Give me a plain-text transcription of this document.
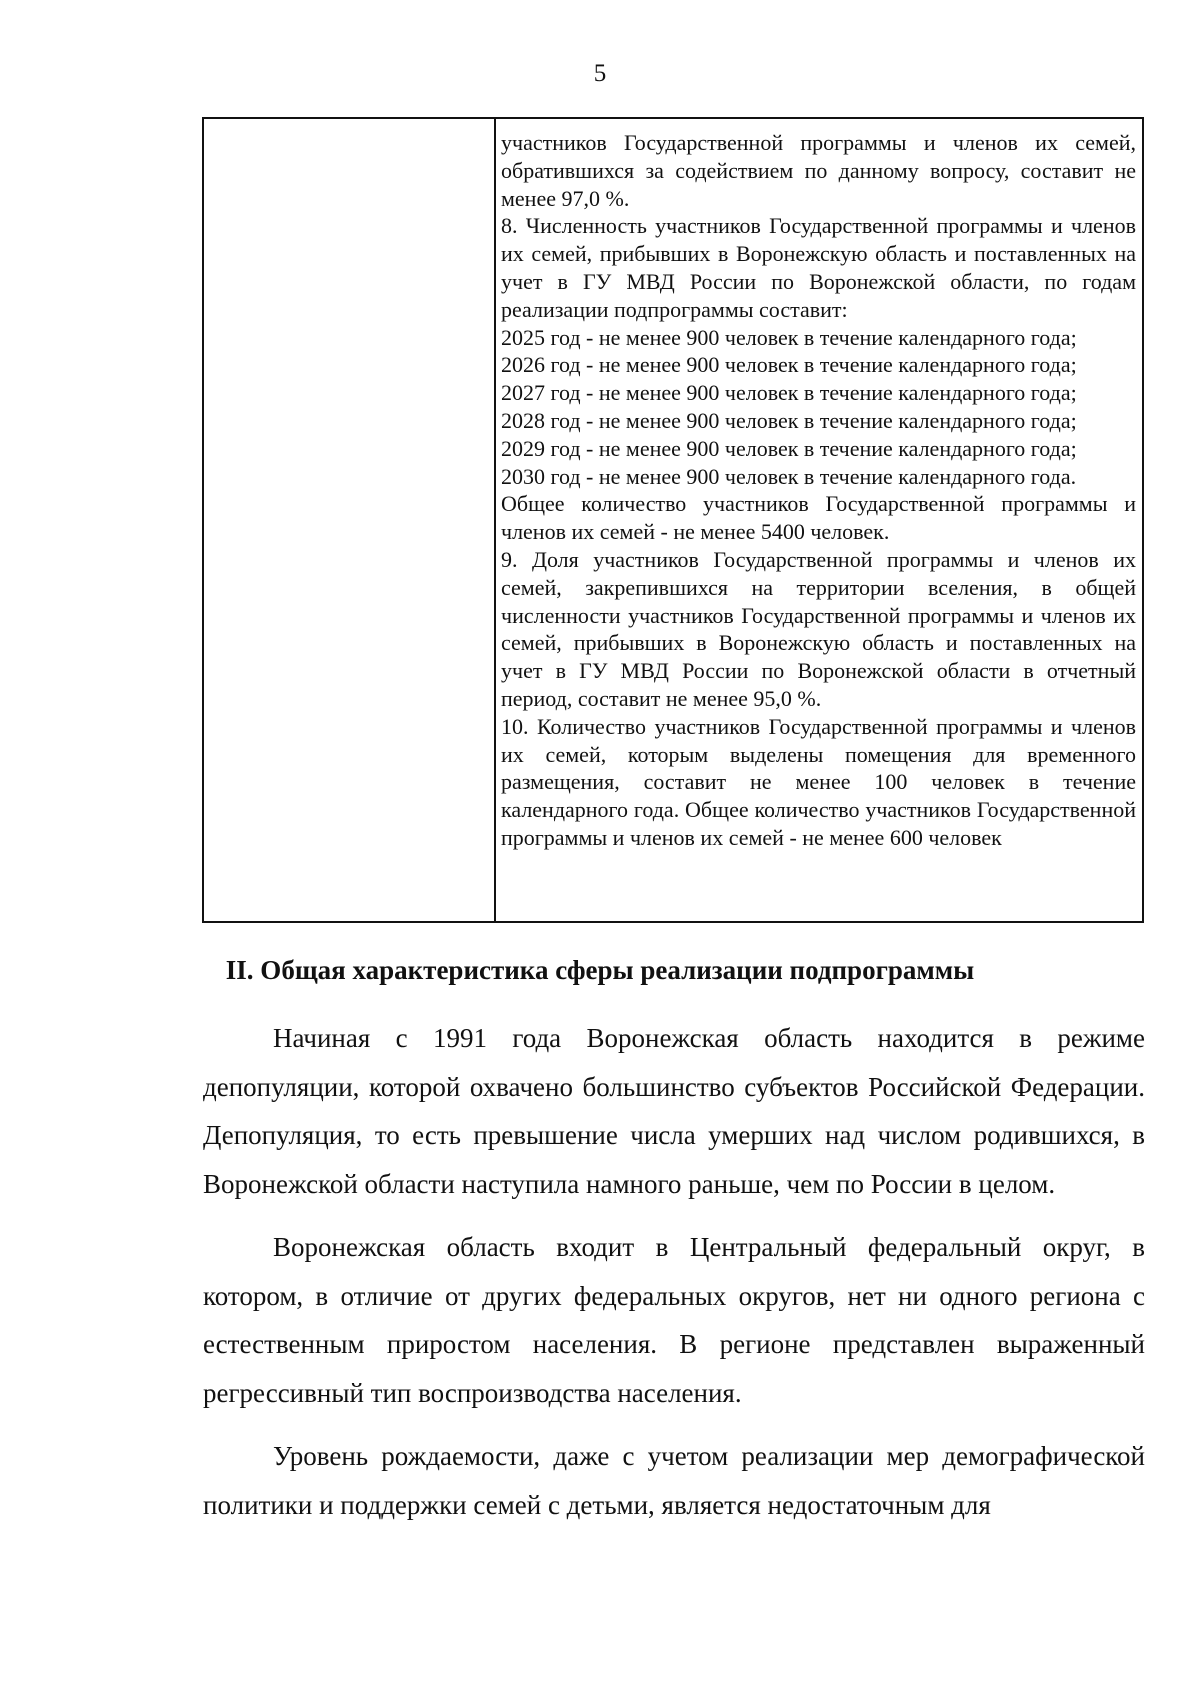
5

участников Государственной программы и членов их семей, обратившихся за содействием по данному вопросу, составит не менее 97,0 %.

8. Численность участников Государственной программы и членов их семей, прибывших в Воронежскую область и поставленных на учет в ГУ МВД России по Воронежской области, по годам реализации подпрограммы составит:

2025 год - не менее 900 человек в течение календарного года;

2026 год - не менее 900 человек в течение календарного года;

2027 год - не менее 900 человек в течение календарного года;

2028 год - не менее 900 человек в течение календарного года;

2029 год - не менее 900 человек в течение календарного года;

2030 год - не менее 900 человек в течение календарного года.

Общее количество участников Государственной программы и членов их семей - не менее 5400 человек.

9. Доля участников Государственной программы и членов их семей, закрепившихся на территории вселения, в общей численности участников Государственной программы и членов их семей, прибывших в Воронежскую область и поставленных на учет в ГУ МВД России по Воронежской области в отчетный период, составит не менее 95,0 %.

10. Количество участников Государственной программы и членов их семей, которым выделены помещения для временного размещения, составит не менее 100 человек в течение календарного года. Общее количество участников Государственной программы и членов их семей - не менее 600 человек

II. Общая характеристика сферы реализации подпрограммы

Начиная с 1991 года Воронежская область находится в режиме депопуляции, которой охвачено большинство субъектов Российской Федерации. Депопуляция, то есть превышение числа умерших над числом родившихся, в Воронежской области наступила намного раньше, чем по России в целом.

Воронежская область входит в Центральный федеральный округ, в котором, в отличие от других федеральных округов, нет ни одного региона с естественным приростом населения. В регионе представлен выраженный регрессивный тип воспроизводства населения.

Уровень рождаемости, даже с учетом реализации мер демографической политики и поддержки семей с детьми, является недостаточным для
